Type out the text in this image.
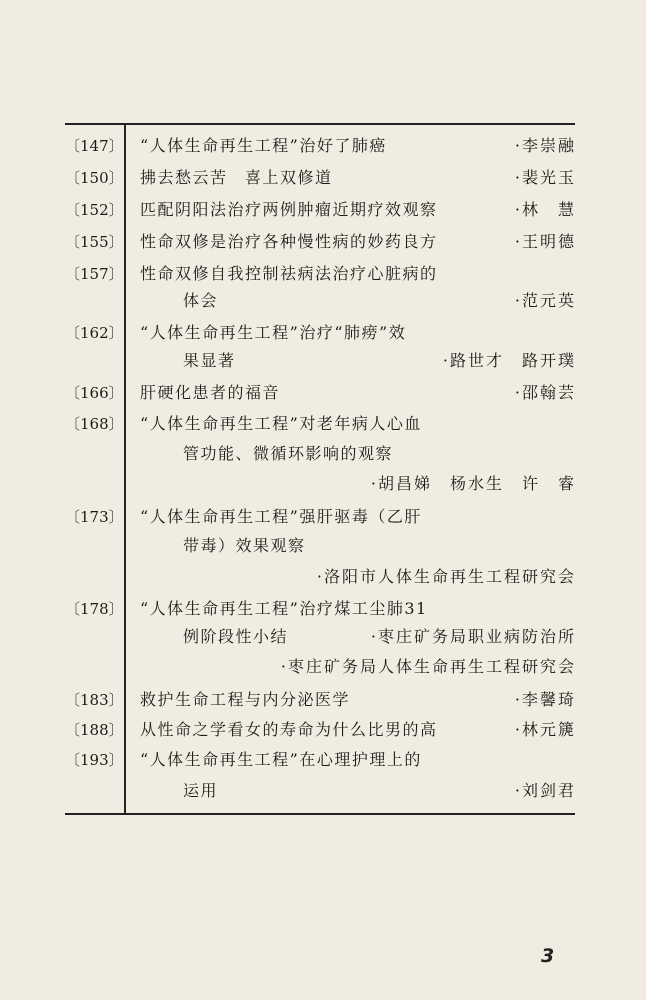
〔147〕 “人体生命再生工程”治好了肺癌	·李崇融
〔150〕 拂去愁云苦　喜上双修道	·裴光玉
〔152〕 匹配阴阳法治疗两例肿瘤近期疗效观察	·林　慧
〔155〕 性命双修是治疗各种慢性病的妙药良方	·王明德
〔157〕 性命双修自我控制祛病法治疗心脏病的
体会	·范元英
〔162〕 “人体生命再生工程”治疗“肺痨”效
果显著	·路世才　路开璞
〔166〕 肝硬化患者的福音	·邵翰芸
〔168〕 “人体生命再生工程”对老年病人心血
管功能、微循环影响的观察
·胡昌娣　杨水生　许　睿
〔173〕 “人体生命再生工程”强肝驱毒（乙肝
带毒）效果观察
·洛阳市人体生命再生工程研究会
〔178〕 “人体生命再生工程”治疗煤工尘肺31
例阶段性小结	·枣庄矿务局职业病防治所
·枣庄矿务局人体生命再生工程研究会
〔183〕 救护生命工程与内分泌医学	·李馨琦
〔188〕 从性命之学看女的寿命为什么比男的高	·林元篪
〔193〕 “人体生命再生工程”在心理护理上的
运用	·刘剑君
3
